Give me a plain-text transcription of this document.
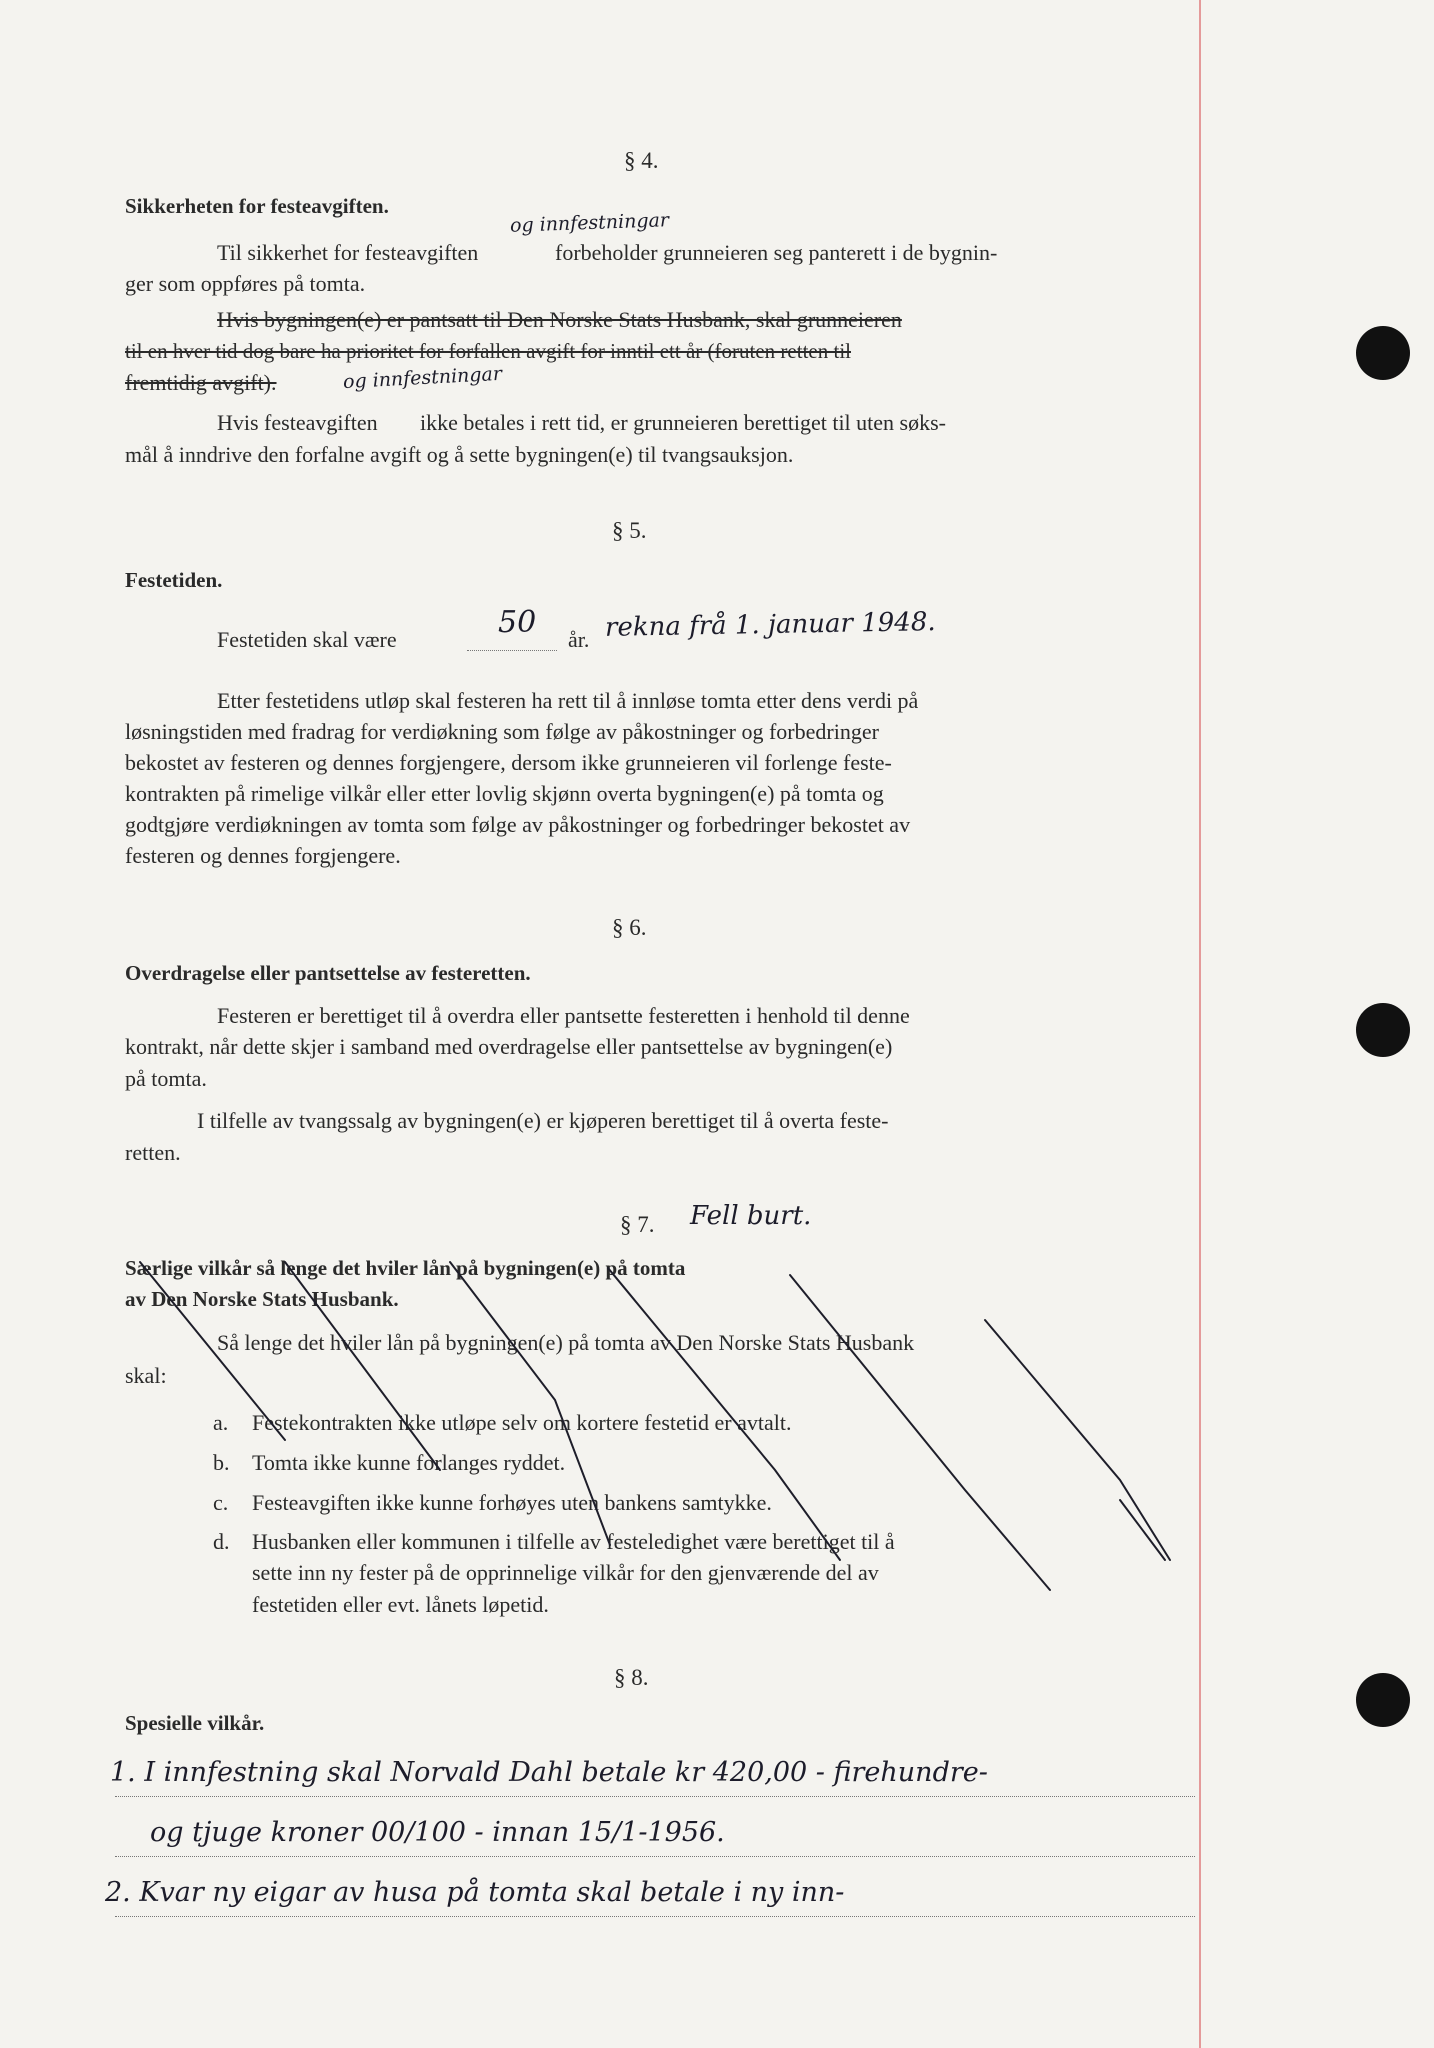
§ 4.
Sikkerheten for festeavgiften.
og innfestningar
Til sikkerhet for festeavgiften	forbeholder grunneieren seg panterett i de bygnin-
ger som oppføres på tomta.
Hvis bygningen(e) er pantsatt til Den Norske Stats Husbank, skal grunneieren
til en hver tid dog bare ha prioritet for forfallen avgift for inntil ett år (foruten retten til
fremtidig avgift).	og innfestningar
Hvis festeavgiften ikke betales i rett tid, er grunneieren berettiget til uten søks-
mål å inndrive den forfalne avgift og å sette bygningen(e) til tvangsauksjon.
§ 5.
Festetiden.
Festetiden skal være	50 år. rekna frå 1. januar 1948.
Etter festetidens utløp skal festeren ha rett til å innløse tomta etter dens verdi på
løsningstiden med fradrag for verdiøkning som følge av påkostninger og forbedringer
bekostet av festeren og dennes forgjengere, dersom ikke grunneieren vil forlenge feste-
kontrakten på rimelige vilkår eller etter lovlig skjønn overta bygningen(e) på tomta og
godtgjøre verdiøkningen av tomta som følge av påkostninger og forbedringer bekostet av
festeren og dennes forgjengere.
§ 6.
Overdragelse eller pantsettelse av festeretten.
Festeren er berettiget til å overdra eller pantsette festeretten i henhold til denne
kontrakt, når dette skjer i samband med overdragelse eller pantsettelse av bygningen(e)
på tomta.
I tilfelle av tvangssalg av bygningen(e) er kjøperen berettiget til å overta feste-
retten.
§ 7. Fell burt.
Særlige vilkår så lenge det hviler lån på bygningen(e) på tomta
av Den Norske Stats Husbank.
Så lenge det hviler lån på bygningen(e) på tomta av Den Norske Stats Husbank
skal:
a. Festekontrakten ikke utløpe selv om kortere festetid er avtalt.
b. Tomta ikke kunne forlanges ryddet.
c. Festeavgiften ikke kunne forhøyes uten bankens samtykke.
d. Husbanken eller kommunen i tilfelle av festeledighet være berettiget til å
sette inn ny fester på de opprinnelige vilkår for den gjenværende del av
festetiden eller evt. lånets løpetid.
§ 8.
Spesielle vilkår.
1. I innfestning skal Norvald Dahl betale kr 420,00 - firehundre-
og tjuge kroner 00/100 - innan 15/1-1956.
2. Kvar ny eigar av husa på tomta skal betale i ny inn-
